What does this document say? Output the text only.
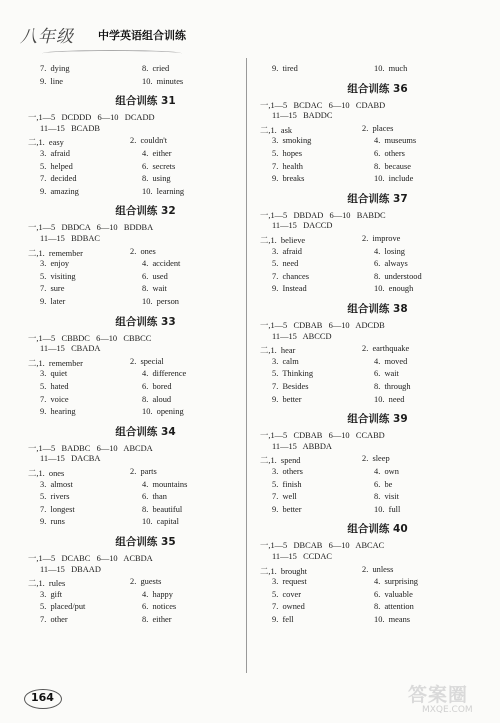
八年级 中学英语组合训练
7.  dying	8.  cried
9.  line	10.  minutes
组合训练 31
一,1—5   DCDDD   6—10   DCADD
11—15   BCADB
二,1.  easy	2.  couldn't
3.  afraid	4.  either
5.  helped	6.  secrets
7.  decided	8.  using
9.  amazing	10.  learning
组合训练 32
一,1—5   DBDCA   6—10   BDDBA
11—15   BDBAC
二,1.  remember	2.  ones
3.  enjoy	4.  accident
5.  visiting	6.  used
7.  sure	8.  wait
9.  later	10.  person
组合训练 33
一,1—5   CBBDC   6—10   CBBCC
11—15   CBADA
二,1.  remember	2.  special
3.  quiet	4.  difference
5.  hated	6.  bored
7.  voice	8.  aloud
9.  hearing	10.  opening
组合训练 34
一,1—5   BADBC   6—10   ABCDA
11—15   DACBA
二,1.  ones	2.  parts
3.  almost	4.  mountains
5.  rivers	6.  than
7.  longest	8.  beautiful
9.  runs	10.  capital
组合训练 35
一,1—5   DCABC   6—10   ACBDA
11—15   DBAAD
二,1.  rules	2.  guests
3.  gift	4.  happy
5.  placed/put	6.  notices
7.  other	8.  either
9.  tired	10.  much
组合训练 36
一,1—5   BCDAC   6—10   CDABD
11—15   BADDC
二,1.  ask	2.  places
3.  smoking	4.  museums
5.  hopes	6.  others
7.  health	8.  because
9.  breaks	10.  include
组合训练 37
一,1—5   DBDAD   6—10   BABDC
11—15   DACCD
二,1.  believe	2.  improve
3.  afraid	4.  losing
5.  need	6.  always
7.  chances	8.  understood
9.  Instead	10.  enough
组合训练 38
一,1—5   CDBAB   6—10   ADCDB
11—15   ABCCD
二,1.  hear	2.  earthquake
3.  calm	4.  moved
5.  Thinking	6.  wait
7.  Besides	8.  through
9.  better	10.  need
组合训练 39
一,1—5   CDBAB   6—10   CCABD
11—15   ABBDA
二,1.  spend	2.  sleep
3.  others	4.  own
5.  finish	6.  be
7.  well	8.  visit
9.  better	10.  full
组合训练 40
一,1—5   DBCAB   6—10   ABCAC
11—15   CCDAC
二,1.  brought	2.  unless
3.  request	4.  surprising
5.  cover	6.  valuable
7.  owned	8.  attention
9.  fell	10.  means
164	答案圈
MXQE.COM
